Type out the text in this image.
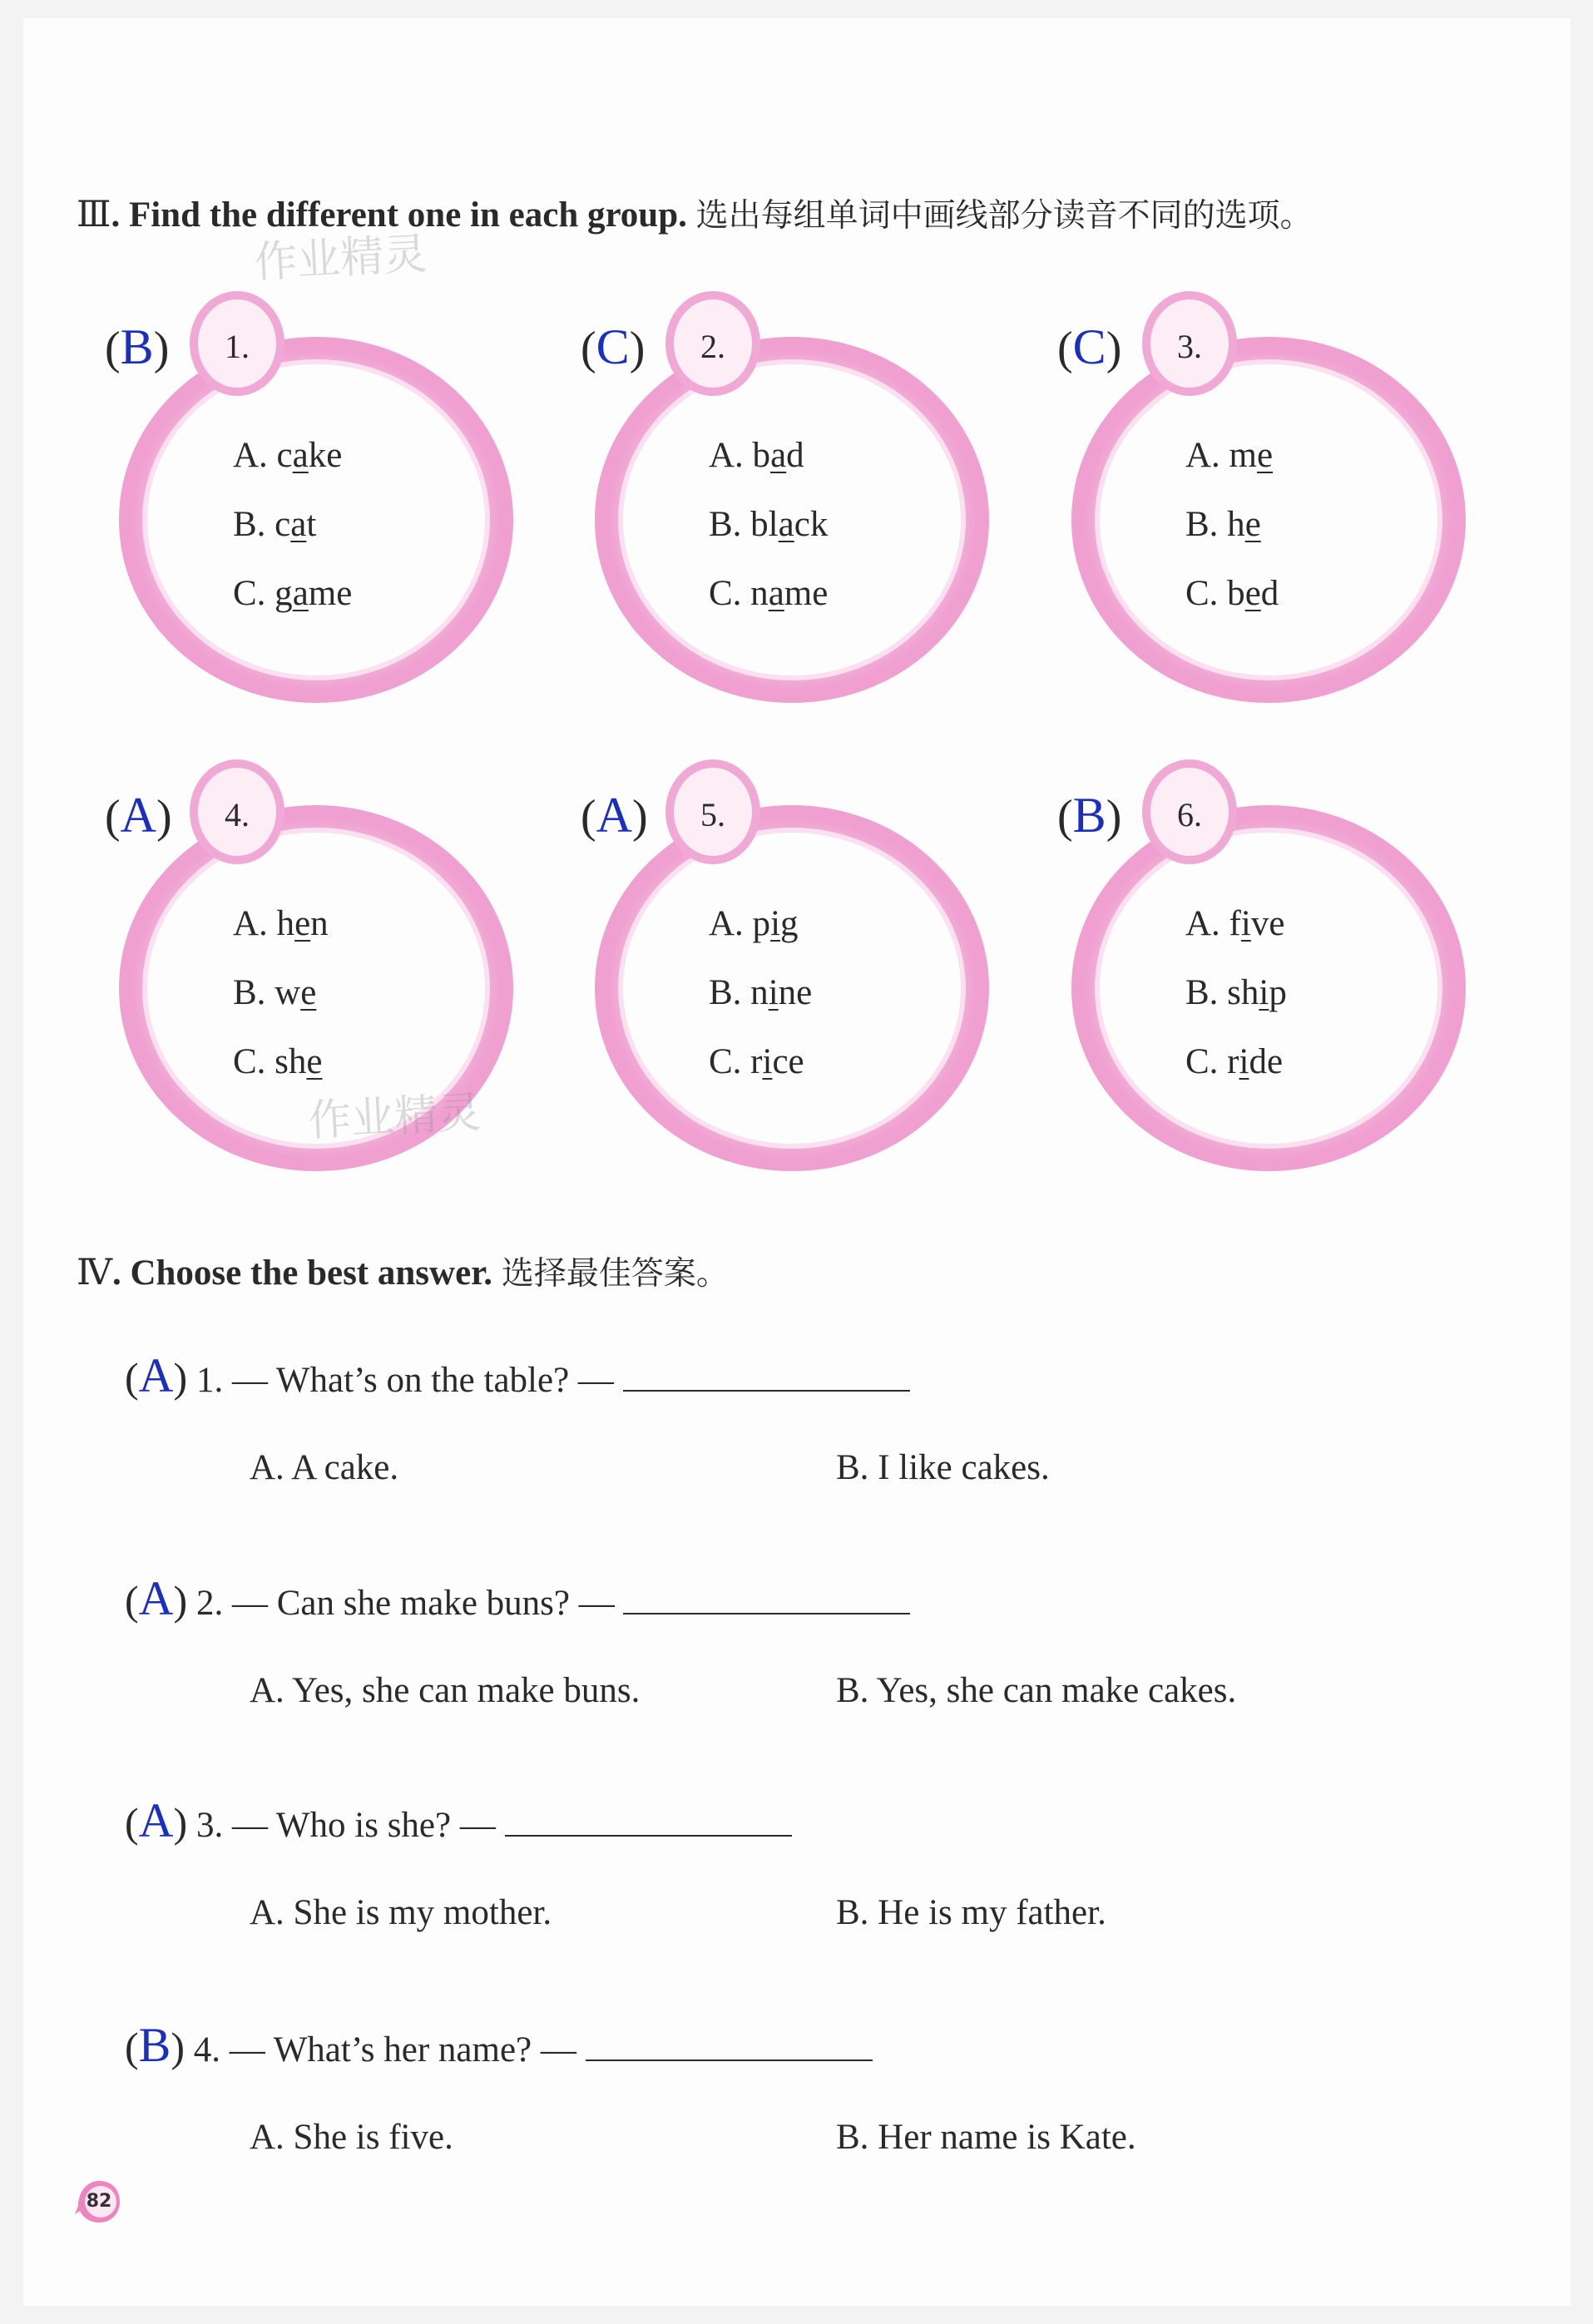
Ⅲ. Find the different one in each group. 选出每组单词中画线部分读音不同的选项。
作业精灵
(B) 1.
A. cake
B. cat
C. game
(C) 2.
A. bad
B. black
C. name
(C) 3.
A. me
B. he
C. bed
(A) 4.
A. hen
B. we
C. she
(A) 5.
A. pig
B. nine
C. rice
(B) 6.
A. five
B. ship
C. ride
作业精灵
Ⅳ. Choose the best answer. 选择最佳答案。
(A) 1. — What’s on the table? —
A. A cake.	B. I like cakes.
(A) 2. — Can she make buns? —
A. Yes, she can make buns.	B. Yes, she can make cakes.
(A) 3. — Who is she? —
A. She is my mother.	B. He is my father.
(B) 4. — What’s her name? —
A. She is five.	B. Her name is Kate.
82
